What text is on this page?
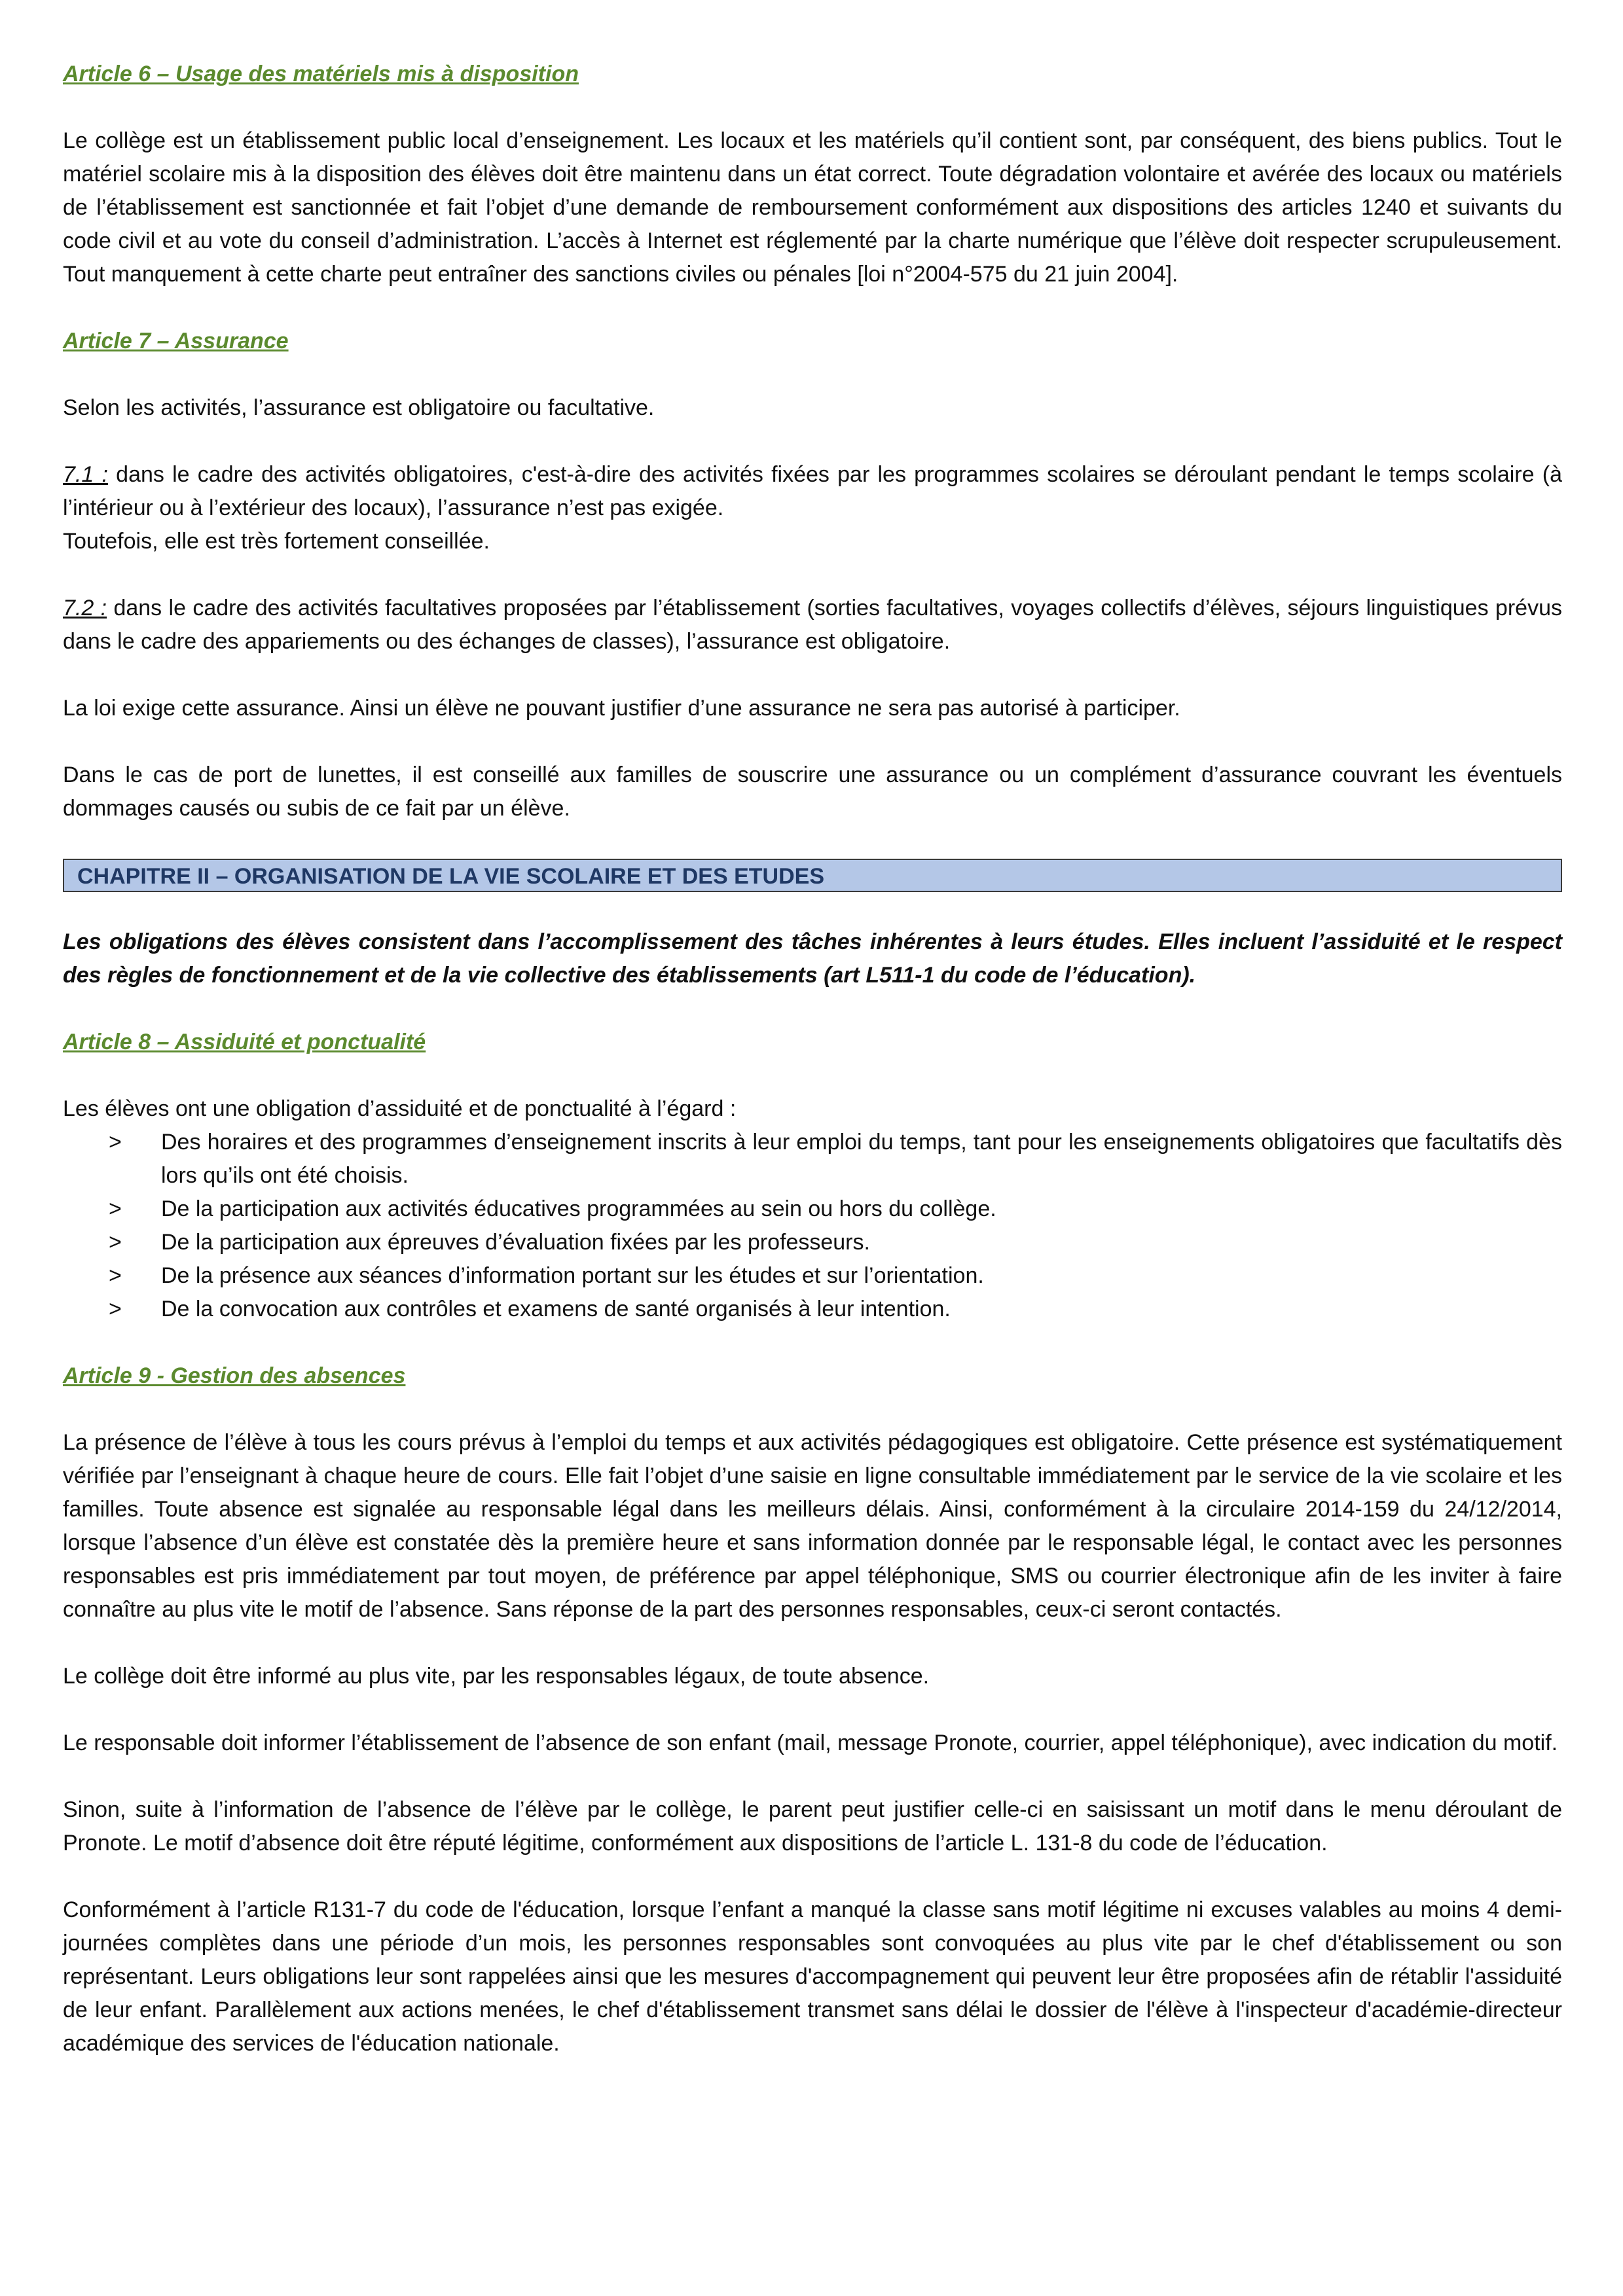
Article 6 – Usage des matériels mis à disposition

Le collège est un établissement public local d’enseignement. Les locaux et les matériels qu’il contient sont, par conséquent, des biens publics. Tout le matériel scolaire mis à la disposition des élèves doit être maintenu dans un état correct. Toute dégradation volontaire et avérée des locaux ou matériels de l’établissement est sanctionnée et fait l’objet d’une demande de remboursement conformément aux dispositions des articles 1240 et suivants du code civil et au vote du conseil d’administration. L’accès à Internet est réglementé par la charte numérique que l’élève doit respecter scrupuleusement. Tout manquement à cette charte peut entraîner des sanctions civiles ou pénales [loi n°2004-575 du 21 juin 2004].

Article 7 – Assurance

Selon les activités, l’assurance est obligatoire ou facultative.

7.1 : dans le cadre des activités obligatoires, c'est-à-dire des activités fixées par les programmes scolaires se déroulant pendant le temps scolaire (à l’intérieur ou à l’extérieur des locaux), l’assurance n’est pas exigée.

Toutefois, elle est très fortement conseillée.

7.2 : dans le cadre des activités facultatives proposées par l’établissement (sorties facultatives, voyages collectifs d’élèves, séjours linguistiques prévus dans le cadre des appariements ou des échanges de classes), l’assurance est obligatoire.

La loi exige cette assurance. Ainsi un élève ne pouvant justifier d’une assurance ne sera pas autorisé à participer.

Dans le cas de port de lunettes, il est conseillé aux familles de souscrire une assurance ou un complément d’assurance couvrant les éventuels dommages causés ou subis de ce fait par un élève.

CHAPITRE II – ORGANISATION DE LA VIE SCOLAIRE ET DES ETUDES

Les obligations des élèves consistent dans l’accomplissement des tâches inhérentes à leurs études. Elles incluent l’assiduité et le respect des règles de fonctionnement et de la vie collective des établissements (art L511-1 du code de l’éducation).

Article 8 – Assiduité et ponctualité

Les élèves ont une obligation d’assiduité et de ponctualité à l’égard :

>	Des horaires et des programmes d’enseignement inscrits à leur emploi du temps, tant pour les enseignements obligatoires que facultatifs dès lors qu’ils ont été choisis.
>	De la participation aux activités éducatives programmées au sein ou hors du collège.
>	De la participation aux épreuves d’évaluation fixées par les professeurs.
>	De la présence aux séances d’information portant sur les études et sur l’orientation.
>	De la convocation aux contrôles et examens de santé organisés à leur intention.

Article 9 - Gestion des absences

La présence de l’élève à tous les cours prévus à l’emploi du temps et aux activités pédagogiques est obligatoire. Cette présence est systématiquement vérifiée par l’enseignant à chaque heure de cours. Elle fait l’objet d’une saisie en ligne consultable immédiatement par le service de la vie scolaire et les familles. Toute absence est signalée au responsable légal dans les meilleurs délais. Ainsi, conformément à la circulaire 2014-159 du 24/12/2014, lorsque l’absence d’un élève est constatée dès la première heure et sans information donnée par le responsable légal, le contact avec les personnes responsables est pris immédiatement par tout moyen, de préférence par appel téléphonique, SMS ou courrier électronique afin de les inviter à faire connaître au plus vite le motif de l’absence. Sans réponse de la part des personnes responsables, ceux-ci seront contactés.

Le collège doit être informé au plus vite, par les responsables légaux, de toute absence.

Le responsable doit informer l’établissement de l’absence de son enfant (mail, message Pronote, courrier, appel téléphonique), avec indication du motif.

Sinon, suite à l’information de l’absence de l’élève par le collège, le parent peut justifier celle-ci en saisissant un motif dans le menu déroulant de Pronote. Le motif d’absence doit être réputé légitime, conformément aux dispositions de l’article L. 131-8 du code de l’éducation.

Conformément à l’article R131-7 du code de l'éducation, lorsque l’enfant a manqué la classe sans motif légitime ni excuses valables au moins 4 demi-journées complètes dans une période d’un mois, les personnes responsables sont convoquées au plus vite par le chef d'établissement ou son représentant. Leurs obligations leur sont rappelées ainsi que les mesures d'accompagnement qui peuvent leur être proposées afin de rétablir l'assiduité de leur enfant. Parallèlement aux actions menées, le chef d'établissement transmet sans délai le dossier de l'élève à l'inspecteur d'académie-directeur académique des services de l'éducation nationale.
